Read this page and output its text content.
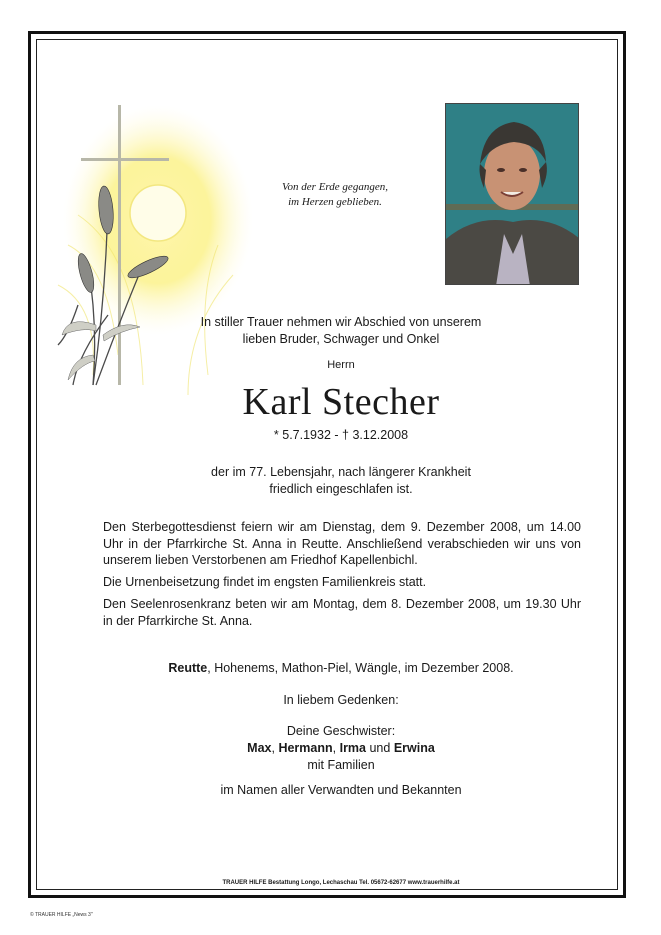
Von der Erde gegangen,
im Herzen geblieben.
In stiller Trauer nehmen wir Abschied von unserem
lieben Bruder, Schwager und Onkel
Herrn
Karl Stecher
* 5.7.1932 - † 3.12.2008
der im 77. Lebensjahr, nach längerer Krankheit
friedlich eingeschlafen ist.
Den Sterbegottesdienst feiern wir am Dienstag, dem 9. Dezember 2008, um 14.00 Uhr in der Pfarrkirche St. Anna in Reutte. Anschließend verabschieden wir uns von unserem lieben Verstorbenen am Friedhof Kapellenbichl.
Die Urnenbeisetzung findet im engsten Familienkreis statt.
Den Seelenrosenkranz beten wir am Montag, dem 8. Dezember 2008, um 19.30 Uhr in der Pfarrkirche St. Anna.
Reutte, Hohenems, Mathon-Piel, Wängle, im Dezember 2008.
In liebem Gedenken:
Deine Geschwister:
Max, Hermann, Irma und Erwina
mit Familien
im Namen aller Verwandten und Bekannten
TRAUER HILFE Bestattung Longo, Lechaschau Tel. 05672-62677 www.trauerhilfe.at
© TRAUER HILFE „News 3"
